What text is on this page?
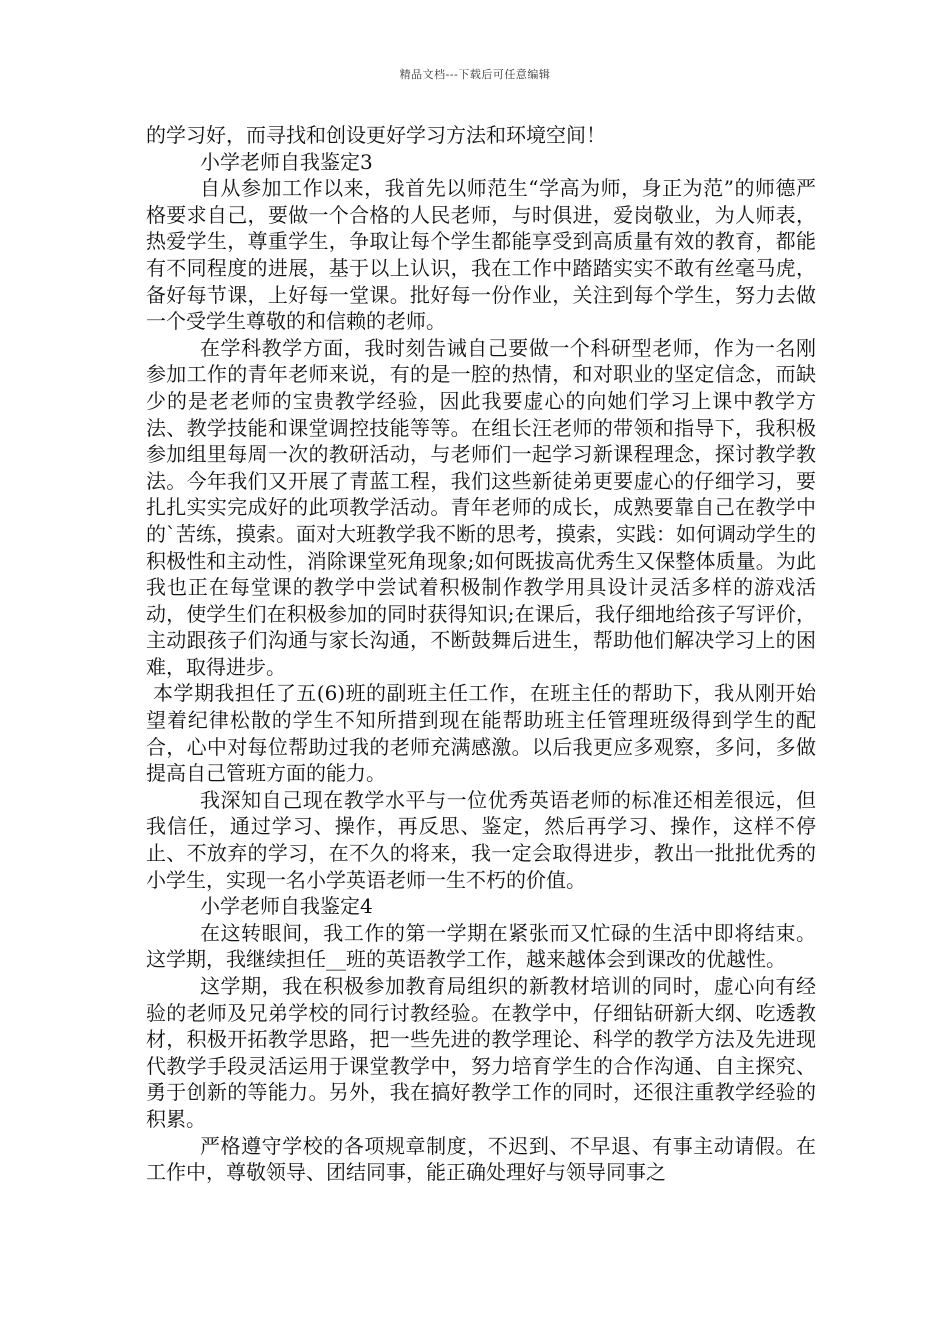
精品文档---下载后可任意编辑

的学习好，而寻找和创设更好学习方法和环境空间！

小学老师自我鉴定3

自从参加工作以来，我首先以师范生“学高为师，身正为范”的师德严格要求自己，要做一个合格的人民老师，与时俱进，爱岗敬业，为人师表，热爱学生，尊重学生，争取让每个学生都能享受到高质量有效的教育，都能有不同程度的进展，基于以上认识，我在工作中踏踏实实不敢有丝毫马虎，备好每节课，上好每一堂课。批好每一份作业，关注到每个学生，努力去做一个受学生尊敬的和信赖的老师。

在学科教学方面，我时刻告诫自己要做一个科研型老师，作为一名刚参加工作的青年老师来说，有的是一腔的热情，和对职业的坚定信念，而缺少的是老老师的宝贵教学经验，因此我要虚心的向她们学习上课中教学方法、教学技能和课堂调控技能等等。在组长汪老师的带领和指导下，我积极参加组里每周一次的教研活动，与老师们一起学习新课程理念，探讨教学教法。今年我们又开展了青蓝工程，我们这些新徒弟更要虚心的仔细学习，要扎扎实实完成好的此项教学活动。青年老师的成长，成熟要靠自己在教学中的`苦练，摸索。面对大班教学我不断的思考，摸索，实践：如何调动学生的积极性和主动性，消除课堂死角现象;如何既拔高优秀生又保整体质量。为此我也正在每堂课的教学中尝试着积极制作教学用具设计灵活多样的游戏活动，使学生们在积极参加的同时获得知识;在课后，我仔细地给孩子写评价，主动跟孩子们沟通与家长沟通，不断鼓舞后进生，帮助他们解决学习上的困难，取得进步。

本学期我担任了五(6)班的副班主任工作，在班主任的帮助下，我从刚开始望着纪律松散的学生不知所措到现在能帮助班主任管理班级得到学生的配合，心中对每位帮助过我的老师充满感激。以后我更应多观察，多问，多做提高自己管班方面的能力。

我深知自己现在教学水平与一位优秀英语老师的标准还相差很远，但我信任，通过学习、操作，再反思、鉴定，然后再学习、操作，这样不停止、不放弃的学习，在不久的将来，我一定会取得进步，教出一批批优秀的小学生，实现一名小学英语老师一生不朽的价值。

小学老师自我鉴定4

在这转眼间，我工作的第一学期在紧张而又忙碌的生活中即将结束。这学期，我继续担任__班的英语教学工作，越来越体会到课改的优越性。

这学期，我在积极参加教育局组织的新教材培训的同时，虚心向有经验的老师及兄弟学校的同行讨教经验。在教学中，仔细钻研新大纲、吃透教材，积极开拓教学思路，把一些先进的教学理论、科学的教学方法及先进现代教学手段灵活运用于课堂教学中，努力培育学生的合作沟通、自主探究、勇于创新的等能力。另外，我在搞好教学工作的同时，还很注重教学经验的积累。

严格遵守学校的各项规章制度，不迟到、不早退、有事主动请假。在工作中，尊敬领导、团结同事，能正确处理好与领导同事之
